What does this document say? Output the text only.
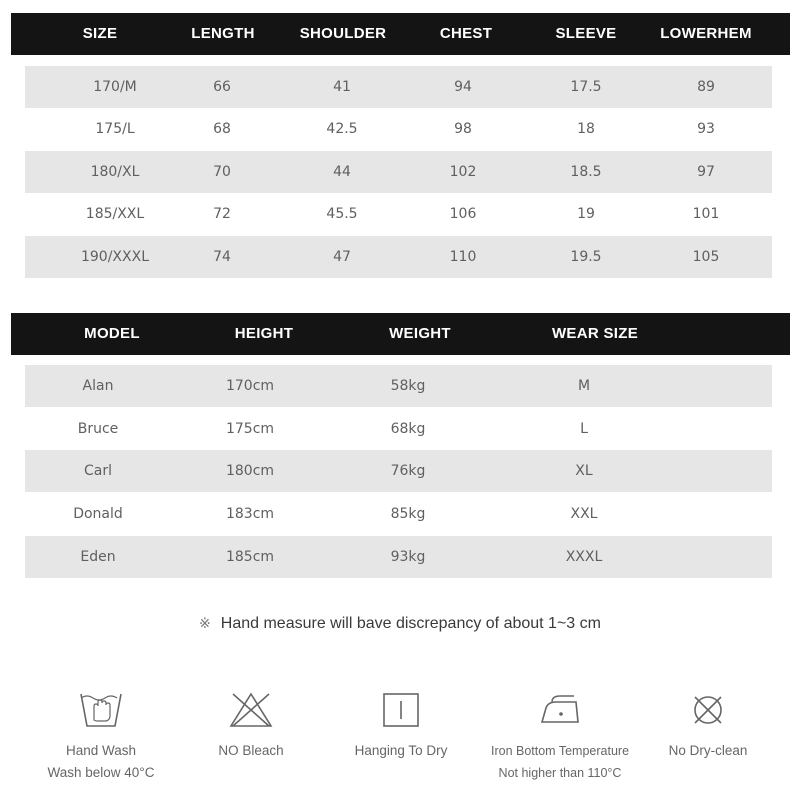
SIZE	LENGTH	SHOULDER	CHEST	SLEEVE	LOWERHEM
170/M	66	41	94	17.5	89
175/L	68	42.5	98	18	93
180/XL	70	44	102	18.5	97
185/XXL	72	45.5	106	19	101
190/XXXL	74	47	110	19.5	105
MODEL	HEIGHT	WEIGHT	WEAR SIZE
Alan	170cm	58kg	M
Bruce	175cm	68kg	L
Carl	180cm	76kg	XL
Donald	183cm	85kg	XXL
Eden	185cm	93kg	XXXL
※ Hand measure will bave discrepancy of about 1~3 cm
Hand Wash
Wash below 40°C
NO Bleach	Hanging To Dry	Iron Bottom Temperature
Not higher than 110°C
No Dry-clean
